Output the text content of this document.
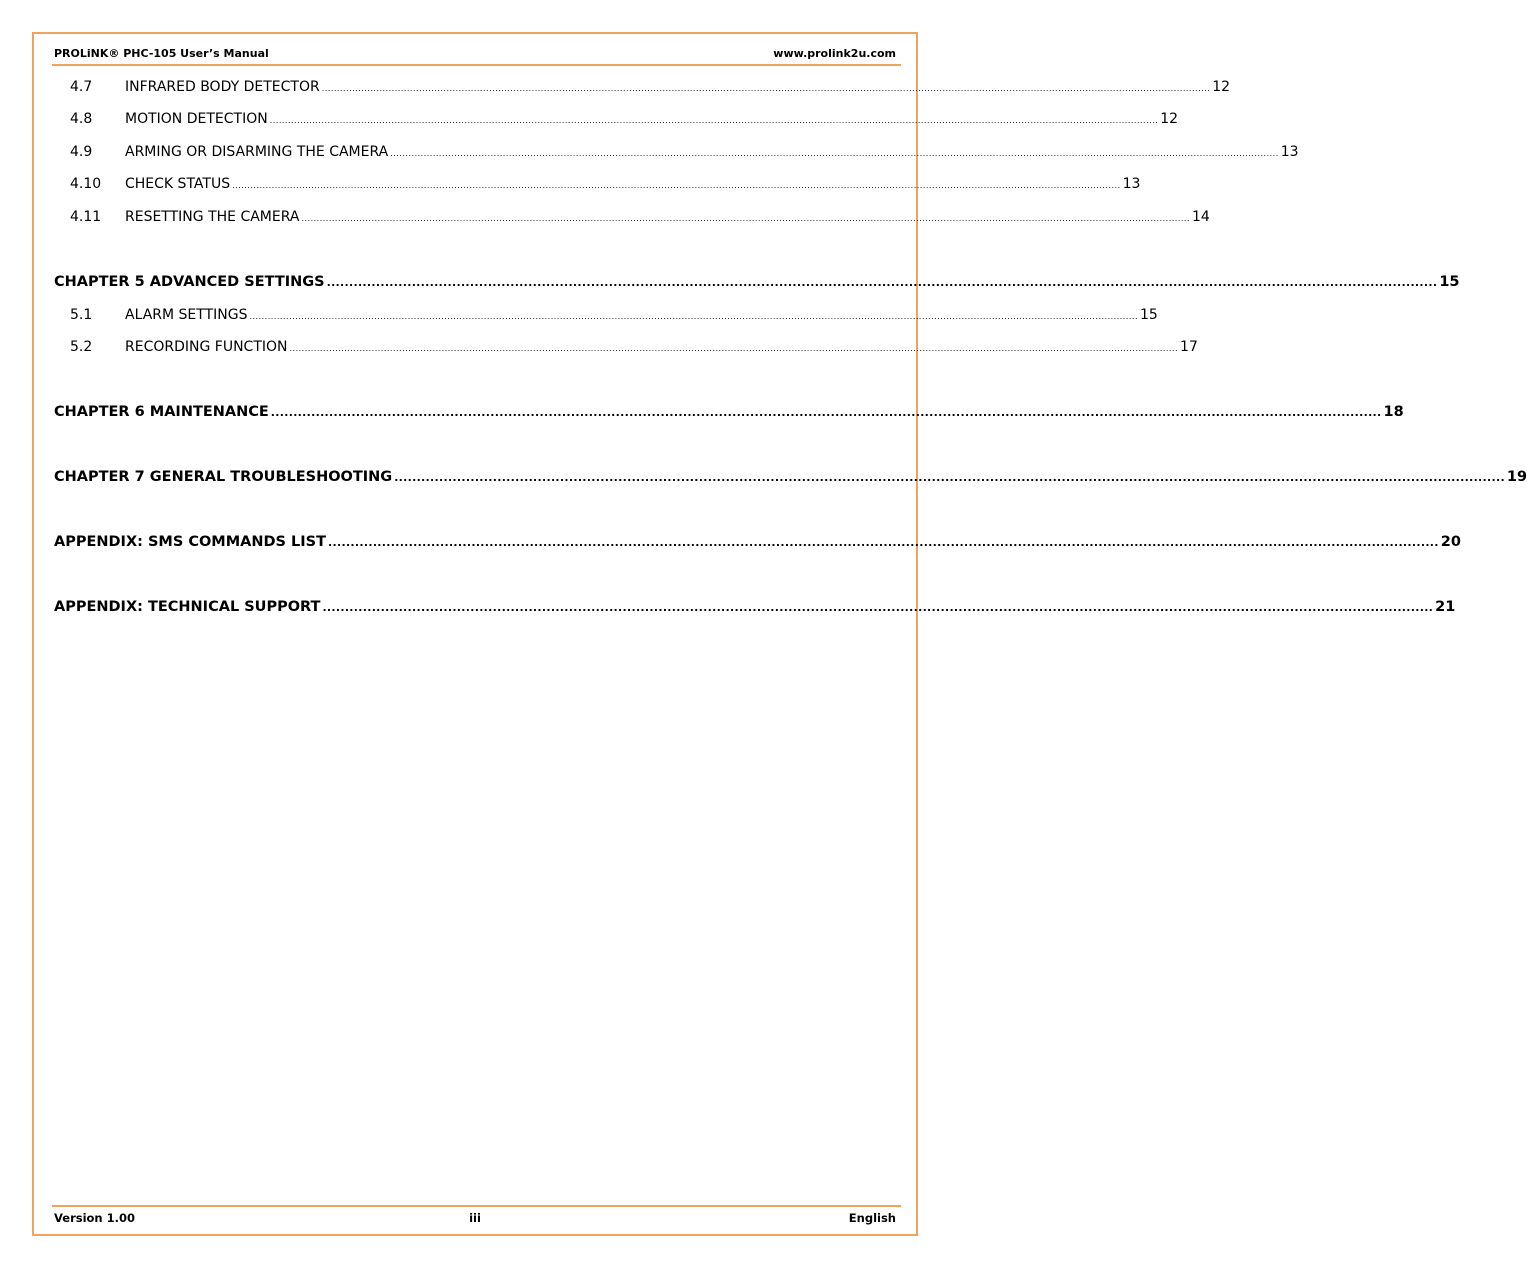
PROLiNK® PHC-105 User’s Manual	www.prolink2u.com
4.7	INFRARED BODY DETECTOR .................................................................................................................................................................................................................................................................................................... 12
4.8	MOTION DETECTION .................................................................................................................................................................................................................................................................................................... 12
4.9	ARMING OR DISARMING THE CAMERA .................................................................................................................................................................................................................................................................................................... 13
4.10	CHECK STATUS .................................................................................................................................................................................................................................................................................................... 13
4.11	RESETTING THE CAMERA .................................................................................................................................................................................................................................................................................................... 14
CHAPTER 5 ADVANCED SETTINGS ........................................................................................................................................................................................................................................................ 15
5.1	ALARM SETTINGS .................................................................................................................................................................................................................................................................................................... 15
5.2	RECORDING FUNCTION .................................................................................................................................................................................................................................................................................................... 17
CHAPTER 6 MAINTENANCE ........................................................................................................................................................................................................................................................ 18
CHAPTER 7 GENERAL TROUBLESHOOTING ........................................................................................................................................................................................................................................................ 19
APPENDIX: SMS COMMANDS LIST ........................................................................................................................................................................................................................................................ 20
APPENDIX: TECHNICAL SUPPORT ........................................................................................................................................................................................................................................................ 21
Version 1.00	iii	English
